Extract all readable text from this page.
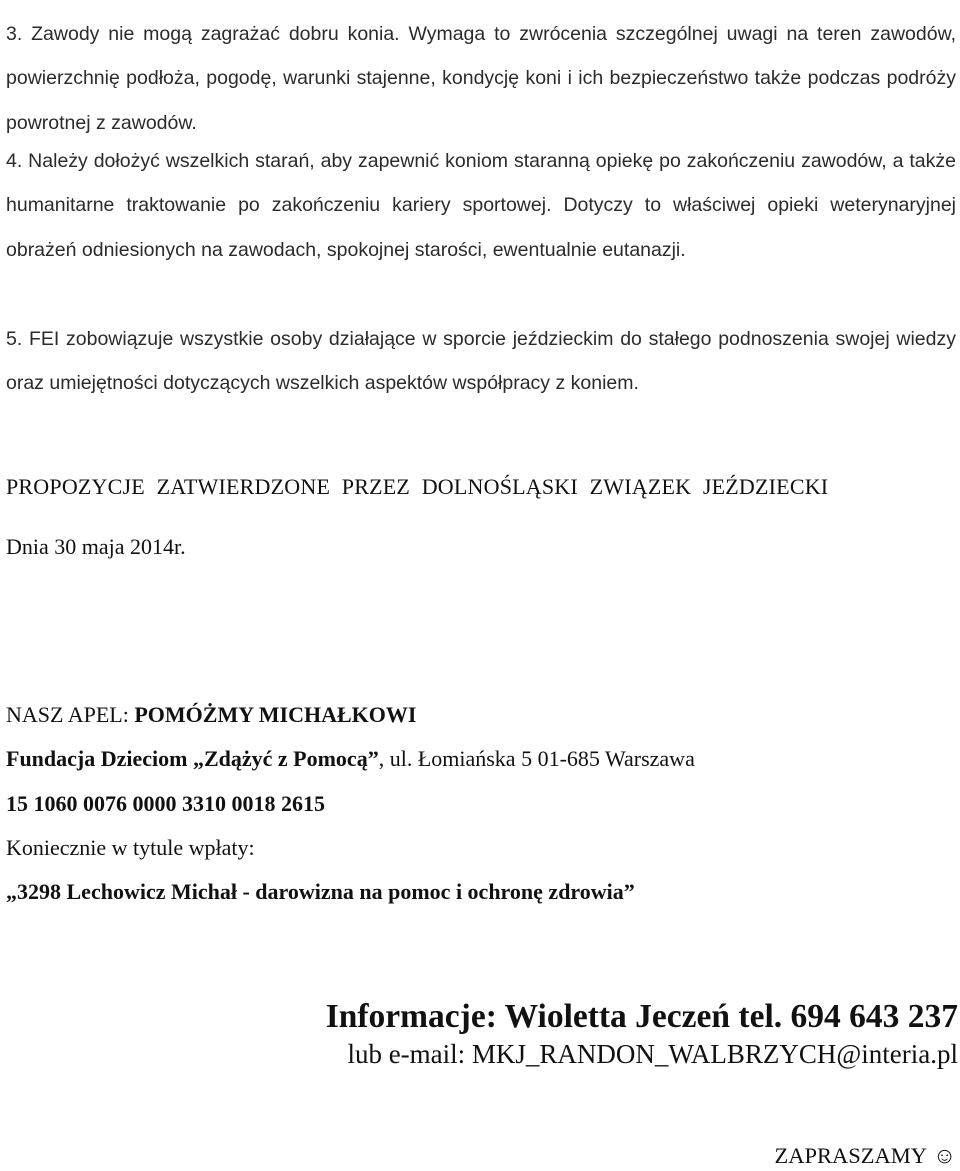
3. Zawody nie mogą zagrażać dobru konia. Wymaga to zwrócenia szczególnej uwagi na teren zawodów, powierzchnię podłoża, pogodę, warunki stajenne, kondycję koni i ich bezpieczeństwo także podczas podróży powrotnej z zawodów.

4. Należy dołożyć wszelkich starań, aby zapewnić koniom staranną opiekę po zakończeniu zawodów, a także humanitarne traktowanie po zakończeniu kariery sportowej. Dotyczy to właściwej opieki weterynaryjnej obrażeń odniesionych na zawodach, spokojnej starości, ewentualnie eutanazji.

5. FEI zobowiązuje wszystkie osoby działające w sporcie jeździeckim do stałego podnoszenia swojej wiedzy oraz umiejętności dotyczących wszelkich aspektów współpracy z koniem.

PROPOZYCJE ZATWIERDZONE PRZEZ DOLNOŚLĄSKI ZWIĄZEK JEŹDZIECKI
Dnia 30 maja 2014r.
NASZ APEL: POMÓŻMY MICHAŁKOWI
Fundacja Dzieciom „Zdążyć z Pomocą”, ul. Łomiańska 5 01-685 Warszawa
15 1060 0076 0000 3310 0018 2615
Koniecznie w tytule wpłaty:
„3298 Lechowicz Michał - darowizna na pomoc i ochronę zdrowia”
Informacje: Wioletta Jeczeń tel. 694 643 237
lub e-mail: MKJ_RANDON_WALBRZYCH@interia.pl
ZAPRASZAMY ☺
